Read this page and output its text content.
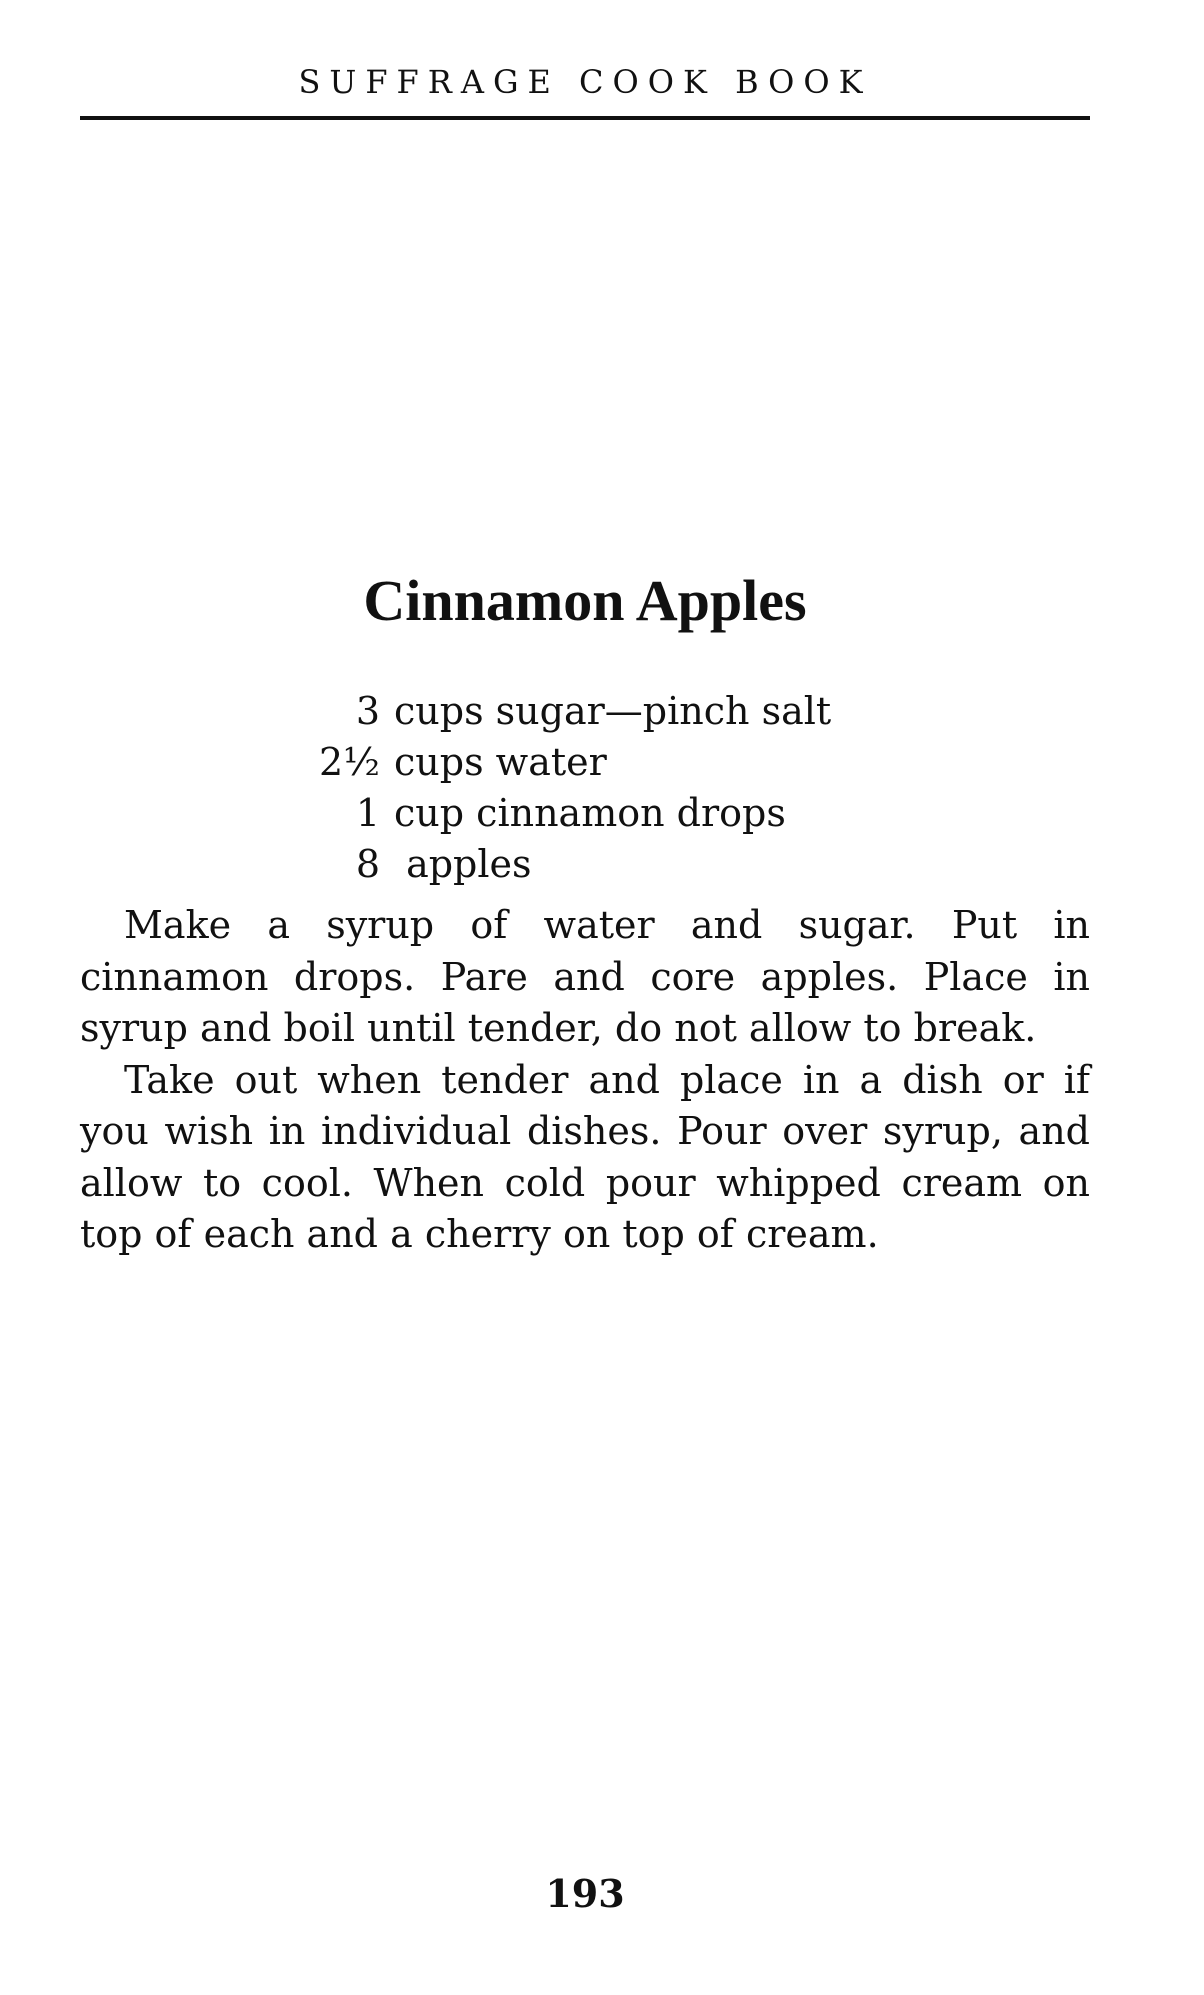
SUFFRAGE COOK BOOK
Cinnamon Apples
3 cups sugar—pinch salt
2½ cups water
1 cup cinnamon drops
8 apples

Make a syrup of water and sugar. Put in cinnamon drops. Pare and core apples. Place in syrup and boil until tender, do not allow to break.

Take out when tender and place in a dish or if you wish in individual dishes. Pour over syrup, and allow to cool. When cold pour whipped cream on top of each and a cherry on top of cream.

193
